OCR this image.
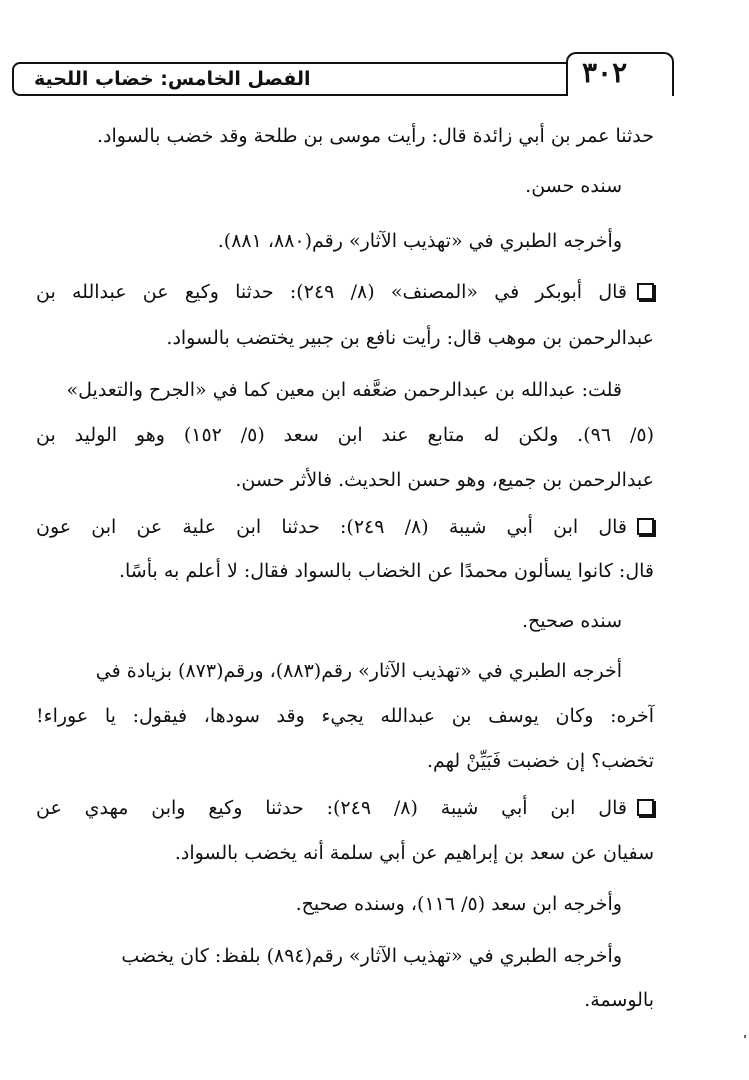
الفصل الخامس: خضاب اللحية	٣٠٢
حدثنا عمر بن أبي زائدة قال: رأيت موسى بن طلحة وقد خضب بالسواد.
سنده حسن.
وأخرجه الطبري في «تهذيب الآثار» رقم(٨٨٠، ٨٨١).
قال أبوبكر في «المصنف» (٨/ ٢٤٩): حدثنا وكيع عن عبدالله بن
عبدالرحمن بن موهب قال: رأيت نافع بن جبير يختضب بالسواد.
قلت: عبدالله بن عبدالرحمن ضعَّفه ابن معين كما في «الجرح والتعديل»
(٥/ ٩٦). ولكن له متابع عند ابن سعد (٥/ ١٥٢) وهو الوليد بن
عبدالرحمن بن جميع، وهو حسن الحديث. فالأثر حسن.
قال ابن أبي شيبة (٨/ ٢٤٩): حدثنا ابن علية عن ابن عون
قال: كانوا يسألون محمدًا عن الخضاب بالسواد فقال: لا أعلم به بأسًا.
سنده صحيح.
أخرجه الطبري في «تهذيب الآثار» رقم(٨٨٣)، ورقم(٨٧٣) بزيادة في
آخره: وكان يوسف بن عبدالله يجيء وقد سودها، فيقول: يا عوراء!
تخضب؟ إن خضبت فَبَيِّنْ لهم.
قال ابن أبي شيبة (٨/ ٢٤٩): حدثنا وكيع وابن مهدي عن
سفيان عن سعد بن إبراهيم عن أبي سلمة أنه يخضب بالسواد.
وأخرجه ابن سعد (٥/ ١١٦)، وسنده صحيح.
وأخرجه الطبري في «تهذيب الآثار» رقم(٨٩٤) بلفظ: كان يخضب
بالوسمة.
